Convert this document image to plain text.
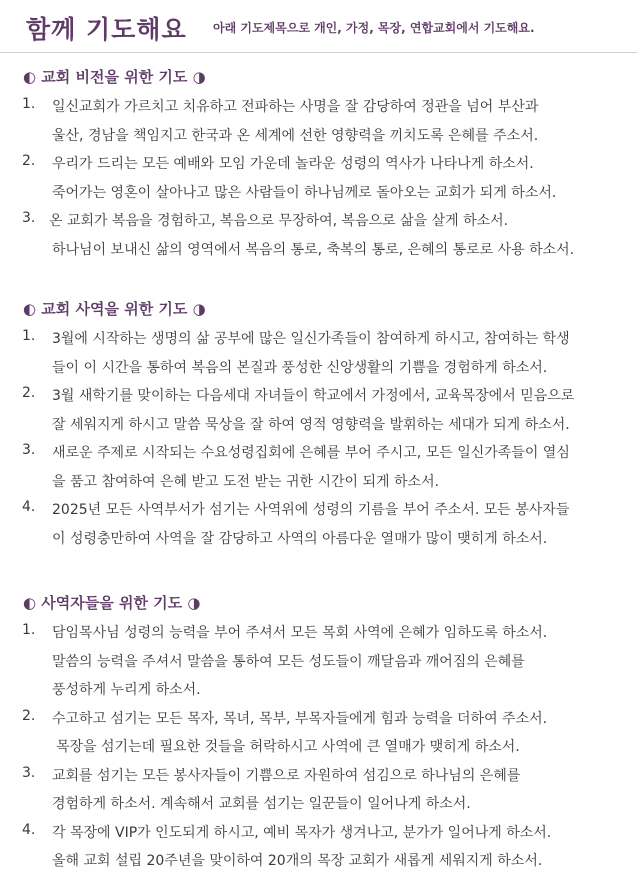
함께 기도해요 아래 기도제목으로 개인, 가정, 목장, 연합교회에서 기도해요.
◐ 교회 비전을 위한 기도 ◑
1. 일신교회가 가르치고 치유하고 전파하는 사명을 잘 감당하여 정관을 넘어 부산과
울산, 경남을 책임지고 한국과 온 세계에 선한 영향력을 끼치도록 은혜를 주소서.
2. 우리가 드리는 모든 예배와 모임 가운데 놀라운 성령의 역사가 나타나게 하소서.
죽어가는 영혼이 살아나고 많은 사람들이 하나님께로 돌아오는 교회가 되게 하소서.
3. 온 교회가 복음을 경험하고, 복음으로 무장하여, 복음으로 삶을 살게 하소서.
하나님이 보내신 삶의 영역에서 복음의 통로, 축복의 통로, 은혜의 통로로 사용 하소서.
◐ 교회 사역을 위한 기도 ◑
1. 3월에 시작하는 생명의 삶 공부에 많은 일신가족들이 참여하게 하시고, 참여하는 학생
들이 이 시간을 통하여 복음의 본질과 풍성한 신앙생활의 기쁨을 경험하게 하소서.
2. 3월 새학기를 맞이하는 다음세대 자녀들이 학교에서 가정에서, 교육목장에서 믿음으로
잘 세워지게 하시고 말씀 묵상을 잘 하여 영적 영향력을 발휘하는 세대가 되게 하소서.
3. 새로운 주제로 시작되는 수요성령집회에 은혜를 부어 주시고, 모든 일신가족들이 열심
을 품고 참여하여 은혜 받고 도전 받는 귀한 시간이 되게 하소서.
4. 2025년 모든 사역부서가 섬기는 사역위에 성령의 기름을 부어 주소서. 모든 봉사자들
이 성령충만하여 사역을 잘 감당하고 사역의 아름다운 열매가 많이 맺히게 하소서.
◐ 사역자들을 위한 기도 ◑
1. 담임목사님 성령의 능력을 부어 주셔서 모든 목회 사역에 은혜가 임하도록 하소서.
말씀의 능력을 주셔서 말씀을 통하여 모든 성도들이 깨달음과 깨어짐의 은혜를
풍성하게 누리게 하소서.
2. 수고하고 섬기는 모든 목자, 목녀, 목부, 부목자들에게 힘과 능력을 더하여 주소서.
목장을 섬기는데 필요한 것들을 허락하시고 사역에 큰 열매가 맺히게 하소서.
3. 교회를 섬기는 모든 봉사자들이 기쁨으로 자원하여 섬김으로 하나님의 은혜를
경험하게 하소서. 계속해서 교회를 섬기는 일꾼들이 일어나게 하소서.
4. 각 목장에 VIP가 인도되게 하시고, 예비 목자가 생겨나고, 분가가 일어나게 하소서.
올해 교회 설립 20주년을 맞이하여 20개의 목장 교회가 새롭게 세워지게 하소서.
